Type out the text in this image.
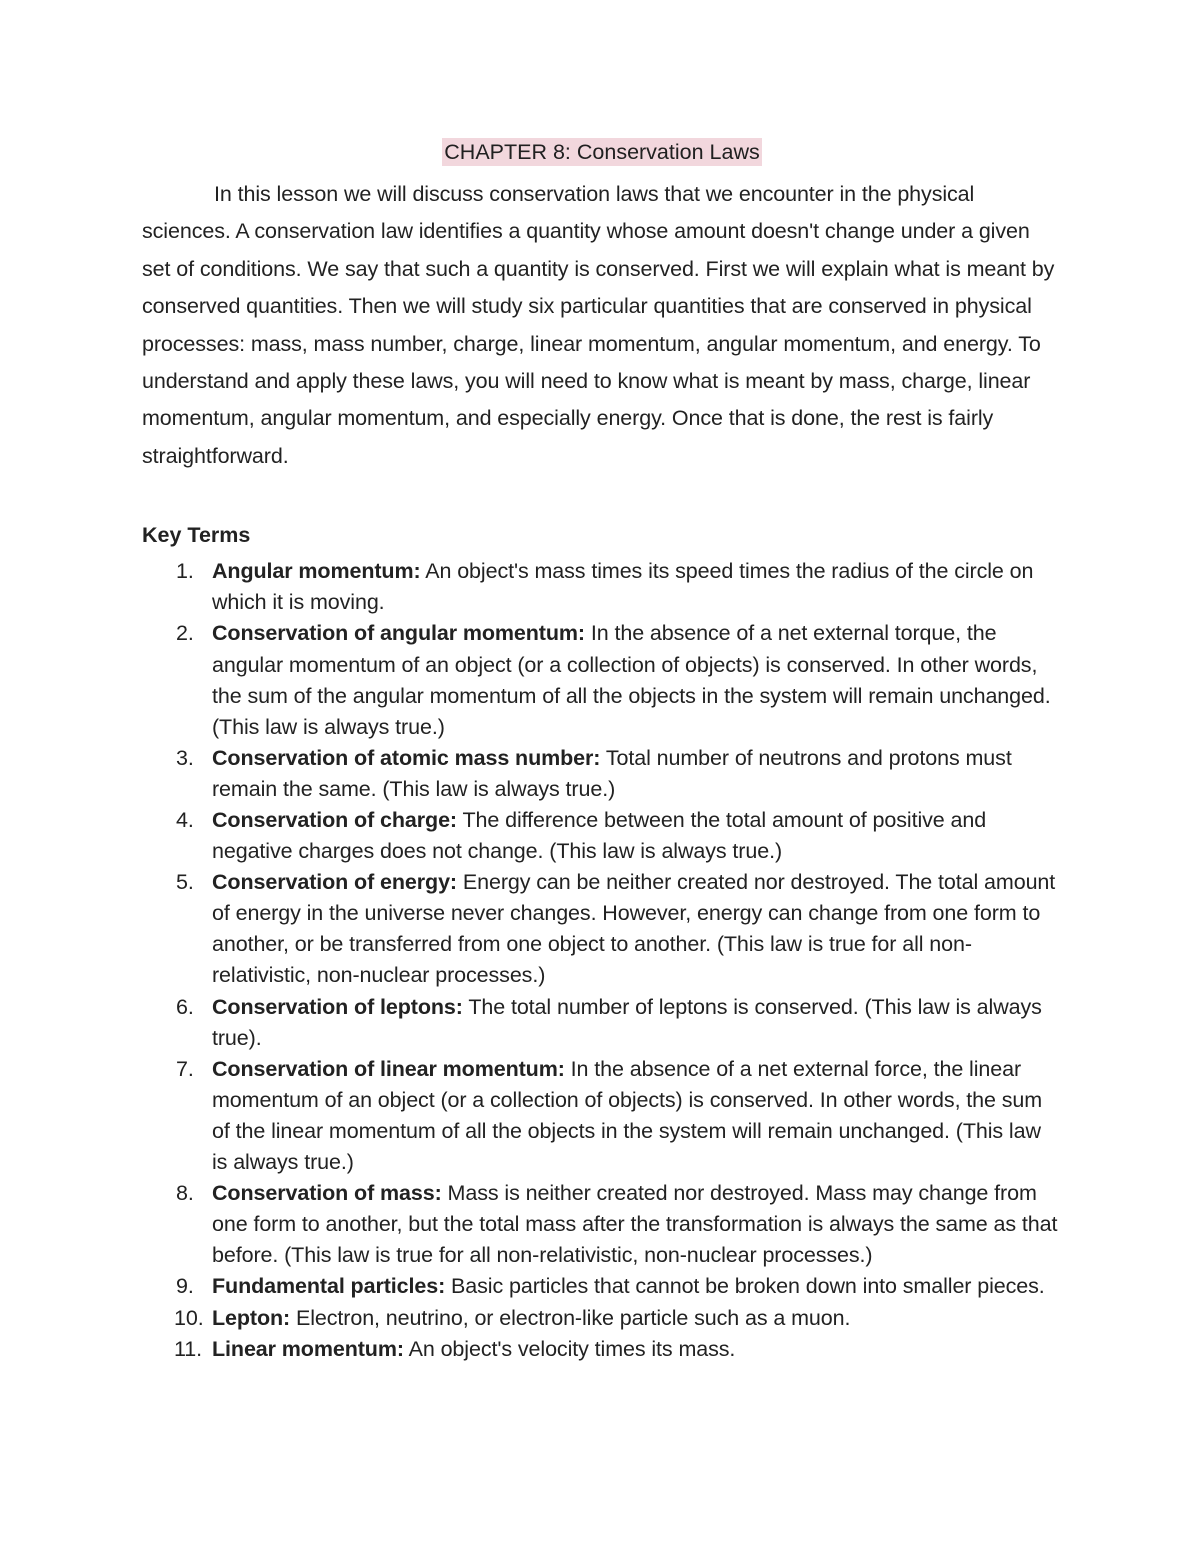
CHAPTER 8: Conservation Laws

In this lesson we will discuss conservation laws that we encounter in the physical sciences. A conservation law identifies a quantity whose amount doesn't change under a given set of conditions. We say that such a quantity is conserved. First we will explain what is meant by conserved quantities. Then we will study six particular quantities that are conserved in physical processes: mass, mass number, charge, linear momentum, angular momentum, and energy. To understand and apply these laws, you will need to know what is meant by mass, charge, linear momentum, angular momentum, and especially energy. Once that is done, the rest is fairly straightforward.

Key Terms
1. Angular momentum: An object's mass times its speed times the radius of the circle on which it is moving.
2. Conservation of angular momentum: In the absence of a net external torque, the angular momentum of an object (or a collection of objects) is conserved. In other words, the sum of the angular momentum of all the objects in the system will remain unchanged. (This law is always true.)
3. Conservation of atomic mass number: Total number of neutrons and protons must remain the same. (This law is always true.)
4. Conservation of charge: The difference between the total amount of positive and negative charges does not change. (This law is always true.)
5. Conservation of energy: Energy can be neither created nor destroyed. The total amount of energy in the universe never changes. However, energy can change from one form to another, or be transferred from one object to another. (This law is true for all non-relativistic, non-nuclear processes.)
6. Conservation of leptons: The total number of leptons is conserved. (This law is always true).
7. Conservation of linear momentum: In the absence of a net external force, the linear momentum of an object (or a collection of objects) is conserved. In other words, the sum of the linear momentum of all the objects in the system will remain unchanged. (This law is always true.)
8. Conservation of mass: Mass is neither created nor destroyed. Mass may change from one form to another, but the total mass after the transformation is always the same as that before. (This law is true for all non-relativistic, non-nuclear processes.)
9. Fundamental particles: Basic particles that cannot be broken down into smaller pieces.
10. Lepton: Electron, neutrino, or electron-like particle such as a muon.
11. Linear momentum: An object's velocity times its mass.
